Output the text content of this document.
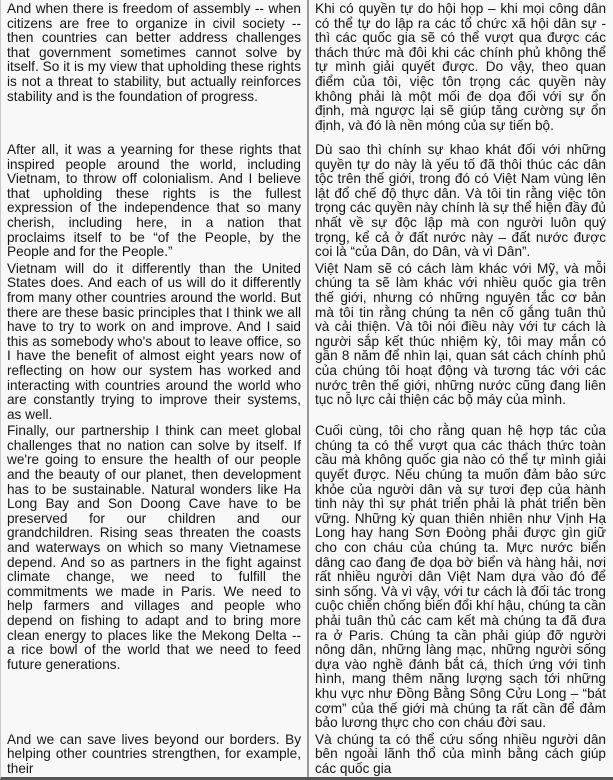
And when there is freedom of assembly -- when citizens are free to organize in civil society -- then countries can better address challenges that government sometimes cannot solve by itself. So it is my view that upholding these rights is not a threat to stability, but actually reinforces stability and is the foundation of progress.

Khi có quyền tự do hội họp – khi mọi công dân có thể tự do lập ra các tổ chức xã hội dân sự - thì các quốc gia sẽ có thể vượt qua được các thách thức mà đôi khi các chính phủ không thể tự mình giải quyết được. Do vậy, theo quan điểm của tôi, việc tôn trọng các quyền này không phải là một mối đe dọa đối với sự ổn định, mà ngược lại sẽ giúp tăng cường sự ổn định, và đó là nền móng của sự tiến bộ.

After all, it was a yearning for these rights that inspired people around the world, including Vietnam, to throw off colonialism. And I believe that upholding these rights is the fullest expression of the independence that so many cherish, including here, in a nation that proclaims itself to be “of the People, by the People and for the People.”

Dù sao thì chính sự khao khát đối với những quyền tự do này là yếu tố đã thôi thúc các dân tộc trên thế giới, trong đó có Việt Nam vùng lên lật đổ chế độ thực dân. Và tôi tin rằng việc tôn trọng các quyền này chính là sự thể hiện đầy đủ nhất về sự độc lập mà con người luôn quý trọng, kể cả ở đất nước này – đất nước được coi là “của Dân, do Dân, và vì Dân”.

Vietnam will do it differently than the United States does. And each of us will do it differently from many other countries around the world. But there are these basic principles that I think we all have to try to work on and improve. And I said this as somebody who's about to leave office, so I have the benefit of almost eight years now of reflecting on how our system has worked and interacting with countries around the world who are constantly trying to improve their systems, as well.

Việt Nam sẽ có cách làm khác với Mỹ, và mỗi chúng ta sẽ làm khác với nhiều quốc gia trên thế giới, nhưng có những nguyên tắc cơ bản mà tôi tin rằng chúng ta nên cố gắng tuân thủ và cải thiện. Và tôi nói điều này với tư cách là người sắp kết thúc nhiệm kỳ, tôi may mắn có gần 8 năm để nhìn lại, quan sát cách chính phủ của chúng tôi hoạt động và tương tác với các nước trên thế giới, những nước cũng đang liên tục nỗ lực cải thiện các bộ máy của mình.

Finally, our partnership I think can meet global challenges that no nation can solve by itself. If we're going to ensure the health of our people and the beauty of our planet, then development has to be sustainable. Natural wonders like Ha Long Bay and Son Doong Cave have to be preserved for our children and our grandchildren. Rising seas threaten the coasts and waterways on which so many Vietnamese depend. And so as partners in the fight against climate change, we need to fulfill the commitments we made in Paris. We need to help farmers and villages and people who depend on fishing to adapt and to bring more clean energy to places like the Mekong Delta -- a rice bowl of the world that we need to feed future generations.

Cuối cùng, tôi cho rằng quan hệ hợp tác của chúng ta có thể vượt qua các thách thức toàn cầu mà không quốc gia nào có thể tự mình giải quyết được. Nếu chúng ta muốn đảm bảo sức khỏe của người dân và sự tươi đẹp của hành tinh này thì sự phát triển phải là phát triển bền vững. Những kỳ quan thiên nhiên như Vịnh Hạ Long hay hang Sơn Đoòng phải được gìn giữ cho con cháu của chúng ta. Mực nước biển dâng cao đang đe dọa bờ biển và hàng hải, nơi rất nhiều người dân Việt Nam dựa vào đó để sinh sống. Và vì vậy, với tư cách là đối tác trong cuộc chiến chống biến đổi khí hậu, chúng ta cần phải tuân thủ các cam kết mà chúng ta đã đưa ra ở Paris. Chúng ta cần phải giúp đỡ người nông dân, những làng mạc, những người sống dựa vào nghề đánh bắt cá, thích ứng với tình hình, mang thêm năng lượng sạch tới những khu vực như Đồng Bằng Sông Cửu Long – “bát cơm” của thế giới mà chúng ta rất cần để đảm bảo lương thực cho con cháu đời sau.

And we can save lives beyond our borders. By helping other countries strengthen, for example, their

Và chúng ta có thể cứu sống nhiều người dân bên ngoài lãnh thổ của mình bằng cách giúp các quốc gia
